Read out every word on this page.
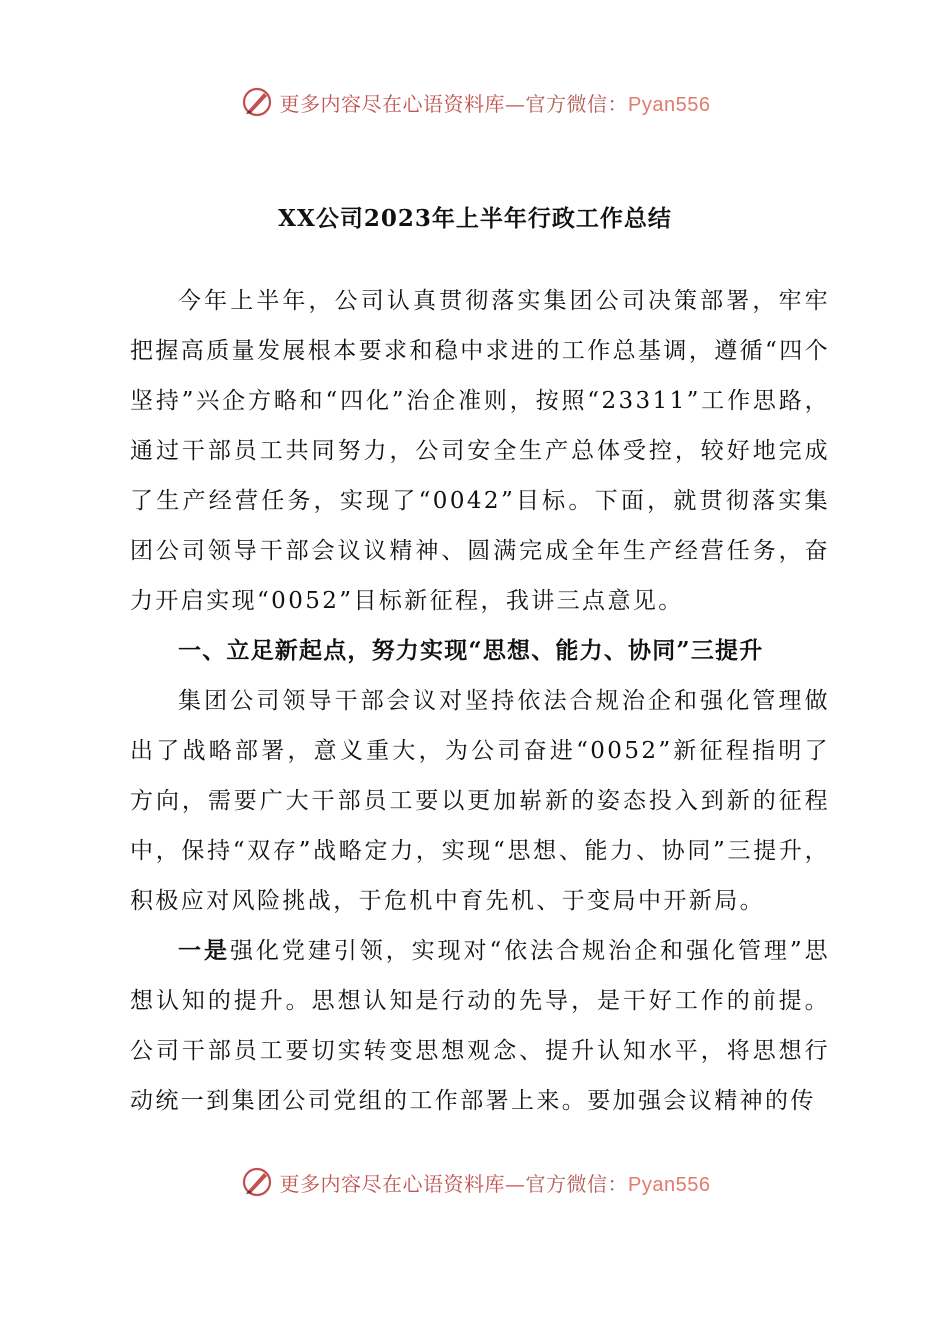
更多内容尽在心语资料库—官方微信：Pyan556
XX公司2023年上半年行政工作总结

今年上半年，公司认真贯彻落实集团公司决策部署，牢牢把握高质量发展根本要求和稳中求进的工作总基调，遵循“四个坚持”兴企方略和“四化”治企准则，按照“23311”工作思路，通过干部员工共同努力，公司安全生产总体受控，较好地完成了生产经营任务，实现了“0042”目标。下面，就贯彻落实集团公司领导干部会议议精神、圆满完成全年生产经营任务，奋力开启实现“0052”目标新征程，我讲三点意见。

一、立足新起点，努力实现“思想、能力、协同”三提升

集团公司领导干部会议对坚持依法合规治企和强化管理做出了战略部署，意义重大，为公司奋进“0052”新征程指明了方向，需要广大干部员工要以更加崭新的姿态投入到新的征程中，保持“双存”战略定力，实现“思想、能力、协同”三提升，积极应对风险挑战，于危机中育先机、于变局中开新局。

一是强化党建引领，实现对“依法合规治企和强化管理”思想认知的提升。思想认知是行动的先导，是干好工作的前提。公司干部员工要切实转变思想观念、提升认知水平，将思想行动统一到集团公司党组的工作部署上来。要加强会议精神的传

更多内容尽在心语资料库—官方微信：Pyan556
